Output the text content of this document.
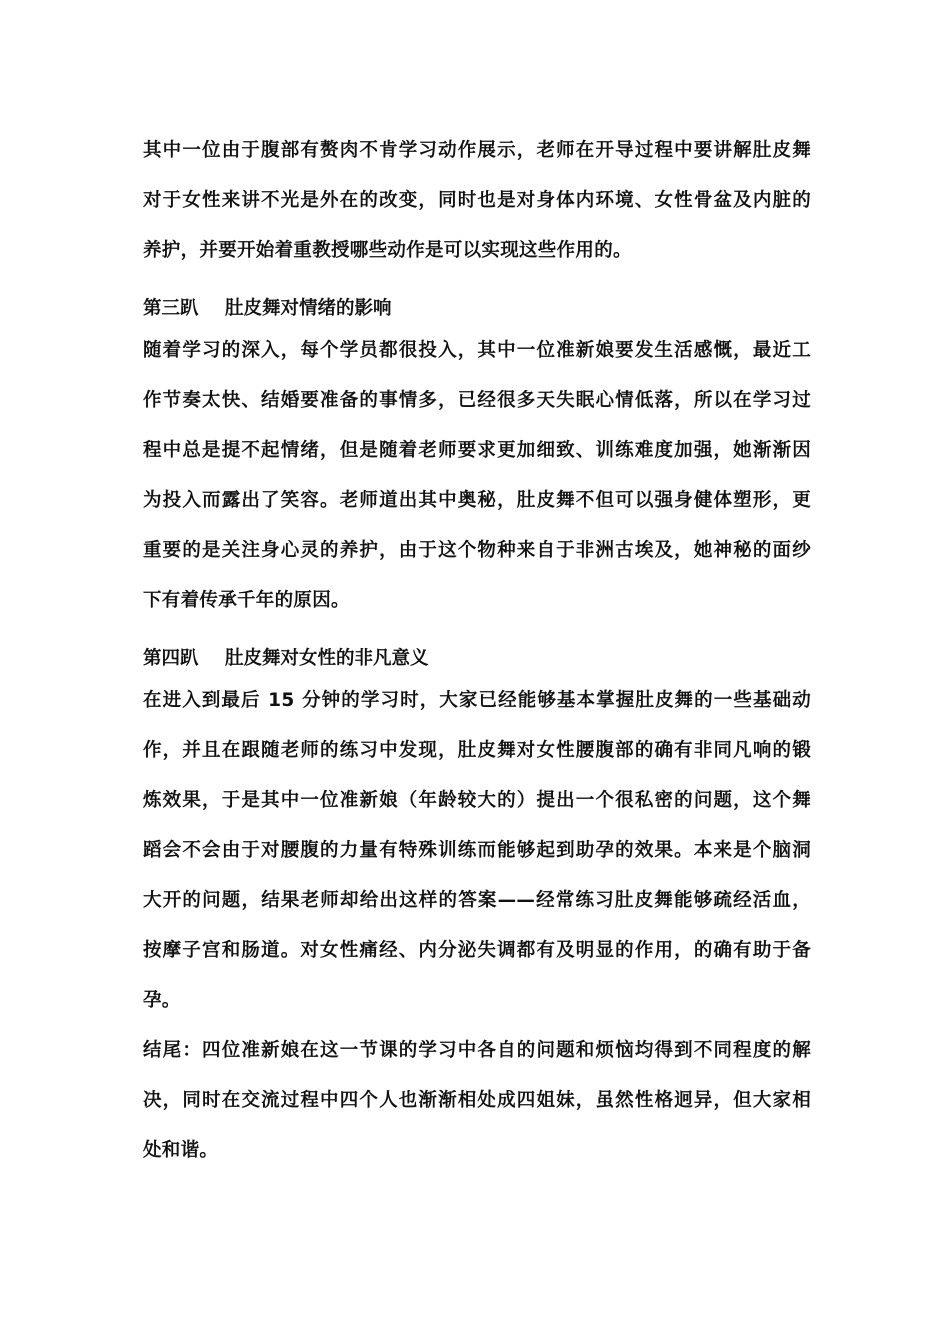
其中一位由于腹部有赘肉不肯学习动作展示，老师在开导过程中要讲解肚皮舞
对于女性来讲不光是外在的改变，同时也是对身体内环境、女性骨盆及内脏的
养护，并要开始着重教授哪些动作是可以实现这些作用的。
第三趴	肚皮舞对情绪的影响
随着学习的深入，每个学员都很投入，其中一位准新娘要发生活感慨，最近工
作节奏太快、结婚要准备的事情多，已经很多天失眠心情低落，所以在学习过
程中总是提不起情绪，但是随着老师要求更加细致、训练难度加强，她渐渐因
为投入而露出了笑容。老师道出其中奥秘，肚皮舞不但可以强身健体塑形，更
重要的是关注身心灵的养护，由于这个物种来自于非洲古埃及，她神秘的面纱
下有着传承千年的原因。
第四趴	肚皮舞对女性的非凡意义
在进入到最后 15 分钟的学习时，大家已经能够基本掌握肚皮舞的一些基础动
作，并且在跟随老师的练习中发现，肚皮舞对女性腰腹部的确有非同凡响的锻
炼效果，于是其中一位准新娘（年龄较大的）提出一个很私密的问题，这个舞
蹈会不会由于对腰腹的力量有特殊训练而能够起到助孕的效果。本来是个脑洞
大开的问题，结果老师却给出这样的答案——经常练习肚皮舞能够疏经活血，
按摩子宫和肠道。对女性痛经、内分泌失调都有及明显的作用，的确有助于备
孕。
结尾：四位准新娘在这一节课的学习中各自的问题和烦恼均得到不同程度的解
决，同时在交流过程中四个人也渐渐相处成四姐妹，虽然性格迥异，但大家相
处和谐。
